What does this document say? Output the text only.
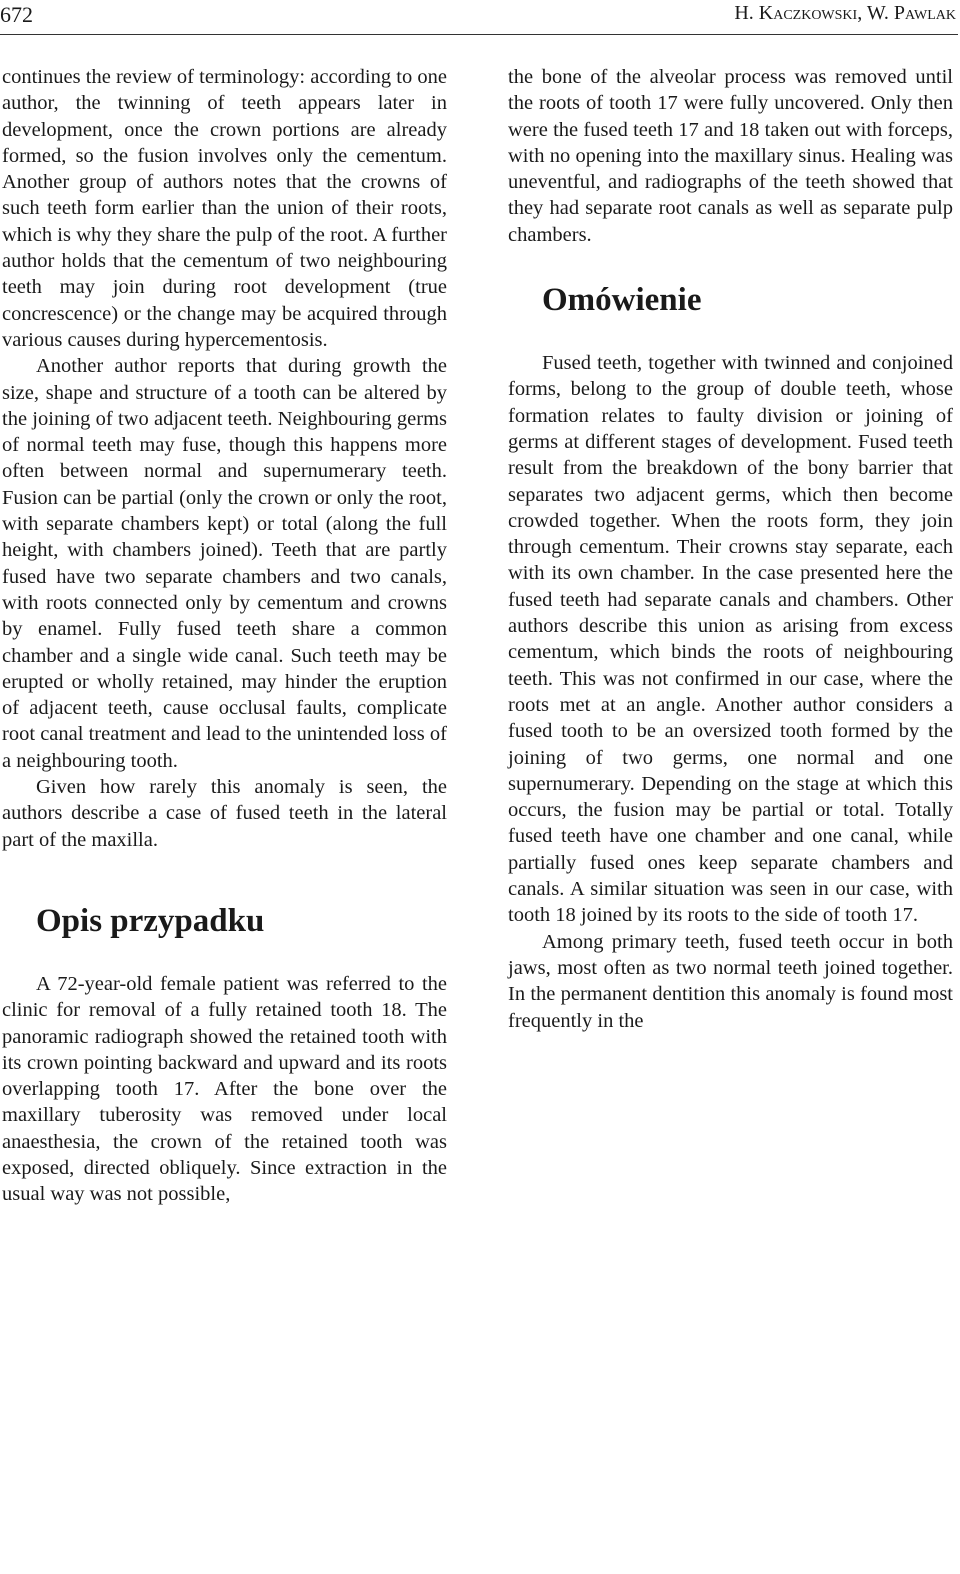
672	H. Kaczkowski, W. Pawlak

continues the review of terminology: according to one author, the twinning of teeth appears later in development, once the crown portions are already formed, so the fusion involves only the cementum. Another group of authors notes that the crowns of such teeth form earlier than the union of their roots, which is why they share the pulp of the root. A further author holds that the cementum of two neighbouring teeth may join during root development (true concrescence) or the change may be acquired through various causes during hypercementosis.

Another author reports that during growth the size, shape and structure of a tooth can be altered by the joining of two adjacent teeth. Neighbouring germs of normal teeth may fuse, though this happens more often between normal and supernumerary teeth. Fusion can be partial (only the crown or only the root, with separate chambers kept) or total (along the full height, with chambers joined). Teeth that are partly fused have two separate chambers and two canals, with roots connected only by cementum and crowns by enamel. Fully fused teeth share a common chamber and a single wide canal. Such teeth may be erupted or wholly retained, may hinder the eruption of adjacent teeth, cause occlusal faults, complicate root canal treatment and lead to the unintended loss of a neighbouring tooth.

Given how rarely this anomaly is seen, the authors describe a case of fused teeth in the lateral part of the maxilla.

Opis przypadku

A 72-year-old female patient was referred to the clinic for removal of a fully retained tooth 18. The panoramic radiograph showed the retained tooth with its crown pointing backward and upward and its roots overlapping tooth 17. After the bone over the maxillary tuberosity was removed under local anaesthesia, the crown of the retained tooth was exposed, directed obliquely. Since extraction in the usual way was not possible,

the bone of the alveolar process was removed until the roots of tooth 17 were fully uncovered. Only then were the fused teeth 17 and 18 taken out with forceps, with no opening into the maxillary sinus. Healing was uneventful, and radiographs of the teeth showed that they had separate root canals as well as separate pulp chambers.

Omówienie

Fused teeth, together with twinned and conjoined forms, belong to the group of double teeth, whose formation relates to faulty division or joining of germs at different stages of development. Fused teeth result from the breakdown of the bony barrier that separates two adjacent germs, which then become crowded together. When the roots form, they join through cementum. Their crowns stay separate, each with its own chamber. In the case presented here the fused teeth had separate canals and chambers. Other authors describe this union as arising from excess cementum, which binds the roots of neighbouring teeth. This was not confirmed in our case, where the roots met at an angle. Another author considers a fused tooth to be an oversized tooth formed by the joining of two germs, one normal and one supernumerary. Depending on the stage at which this occurs, the fusion may be partial or total. Totally fused teeth have one chamber and one canal, while partially fused ones keep separate chambers and canals. A similar situation was seen in our case, with tooth 18 joined by its roots to the side of tooth 17.

Among primary teeth, fused teeth occur in both jaws, most often as two normal teeth joined together. In the permanent dentition this anomaly is found most frequently in the
